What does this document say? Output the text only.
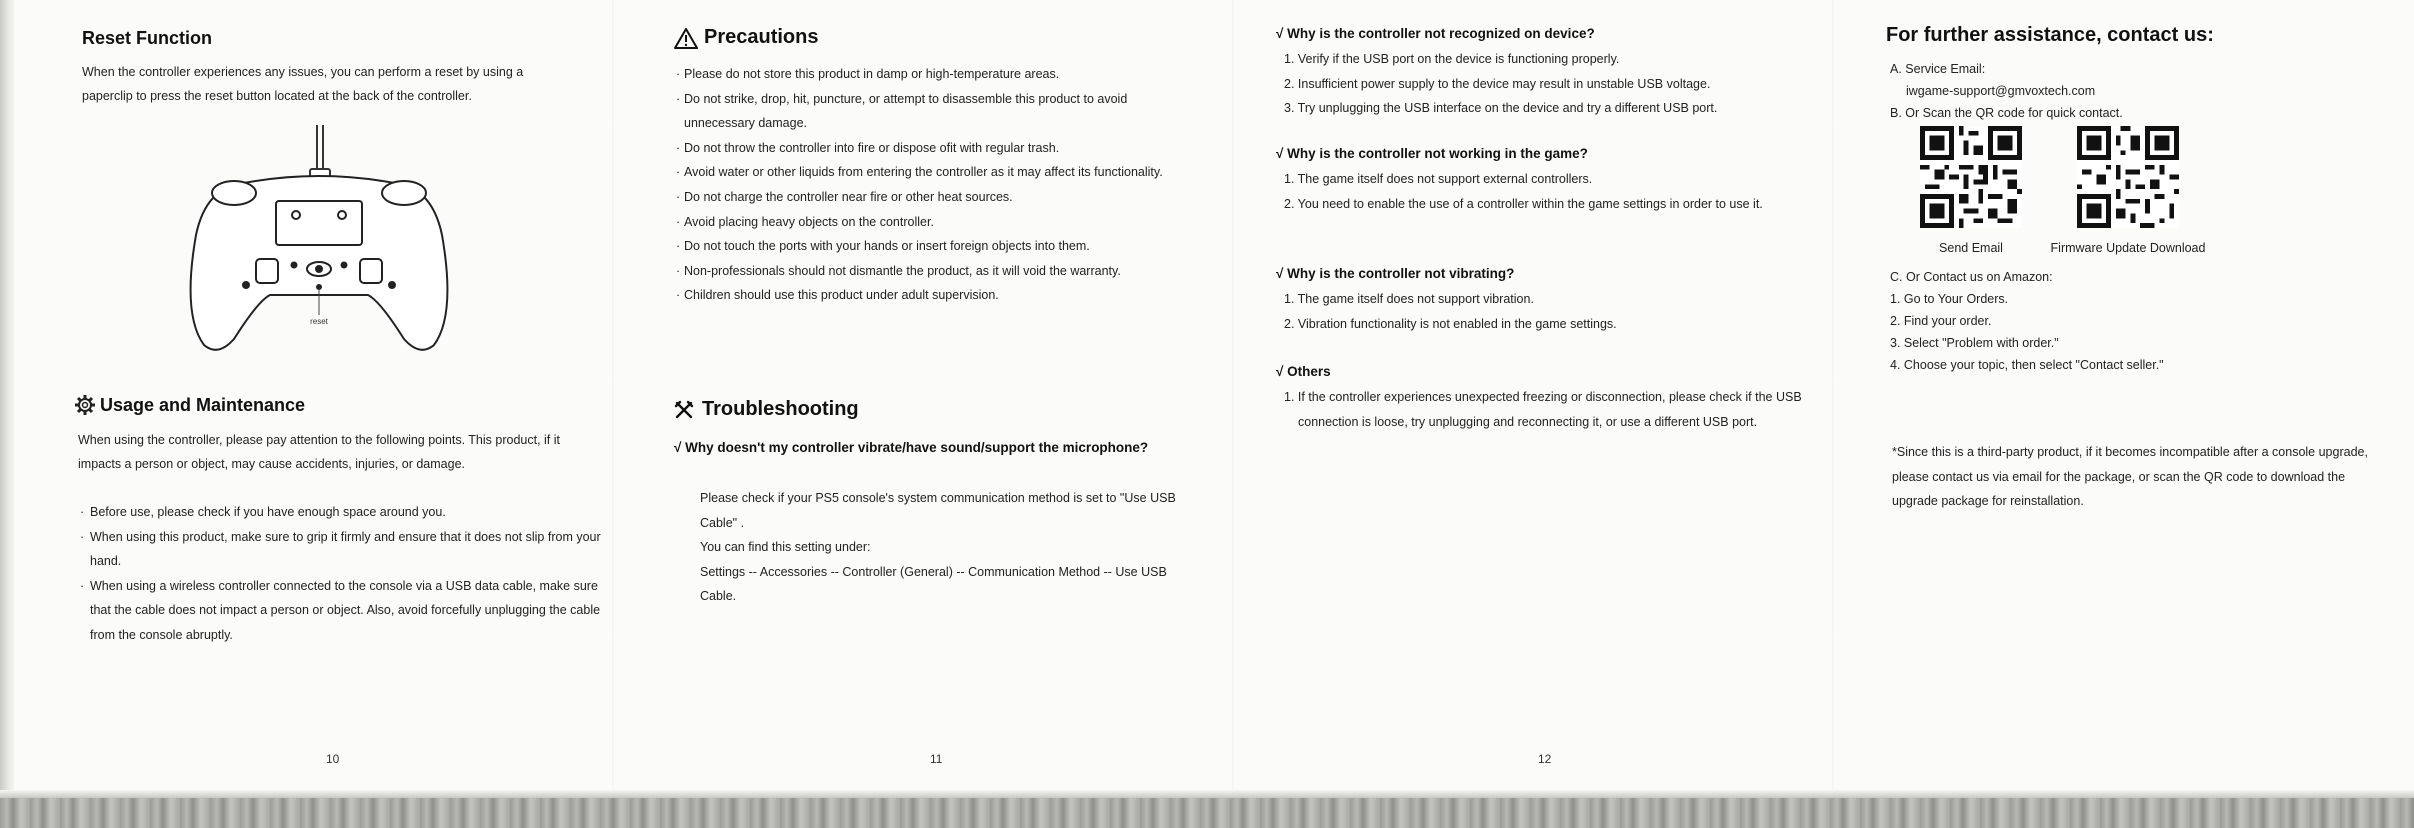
Reset Function
When the controller experiences any issues, you can perform a reset by using a paperclip to press the reset button located at the back of the controller.
reset
Usage and Maintenance
When using the controller, please pay attention to the following points. This product, if it impacts a person or object, may cause accidents, injuries, or damage.
· Before use, please check if you have enough space around you.
· When using this product, make sure to grip it firmly and ensure that it does not slip from your hand.
· When using a wireless controller connected to the console via a USB data cable, make sure that the cable does not impact a person or object. Also, avoid forcefully unplugging the cable from the console abruptly.
10
Precautions
· Please do not store this product in damp or high-temperature areas.
· Do not strike, drop, hit, puncture, or attempt to disassemble this product to avoid unnecessary damage.
· Do not throw the controller into fire or dispose ofit with regular trash.
· Avoid water or other liquids from entering the controller as it may affect its functionality.
· Do not charge the controller near fire or other heat sources.
· Avoid placing heavy objects on the controller.
· Do not touch the ports with your hands or insert foreign objects into them.
· Non-professionals should not dismantle the product, as it will void the warranty.
· Children should use this product under adult supervision.
Troubleshooting
√ Why doesn't my controller vibrate/have sound/support the microphone?
Please check if your PS5 console's system communication method is set to "Use USB Cable" .
You can find this setting under:
Settings -- Accessories -- Controller (General) -- Communication Method -- Use USB Cable.
11
√ Why is the controller not recognized on device?
1. Verify if the USB port on the device is functioning properly.
2. Insufficient power supply to the device may result in unstable USB voltage.
3. Try unplugging the USB interface on the device and try a different USB port.
√ Why is the controller not working in the game?
1. The game itself does not support external controllers.
2. You need to enable the use of a controller within the game settings in order to use it.
√ Why is the controller not vibrating?
1. The game itself does not support vibration.
2. Vibration functionality is not enabled in the game settings.
√ Others
1. If the controller experiences unexpected freezing or disconnection, please check if the USB connection is loose, try unplugging and reconnecting it, or use a different USB port.
12
For further assistance, contact us:
A. Service Email:
iwgame-support@gmvoxtech.com
B. Or Scan the QR code for quick contact.
Send Email	Firmware Update Download
C. Or Contact us on Amazon:
1. Go to Your Orders.
2. Find your order.
3. Select "Problem with order."
4. Choose your topic, then select "Contact seller."
*Since this is a third-party product, if it becomes incompatible after a console upgrade, please contact us via email for the package, or scan the QR code to download the upgrade package for reinstallation.
